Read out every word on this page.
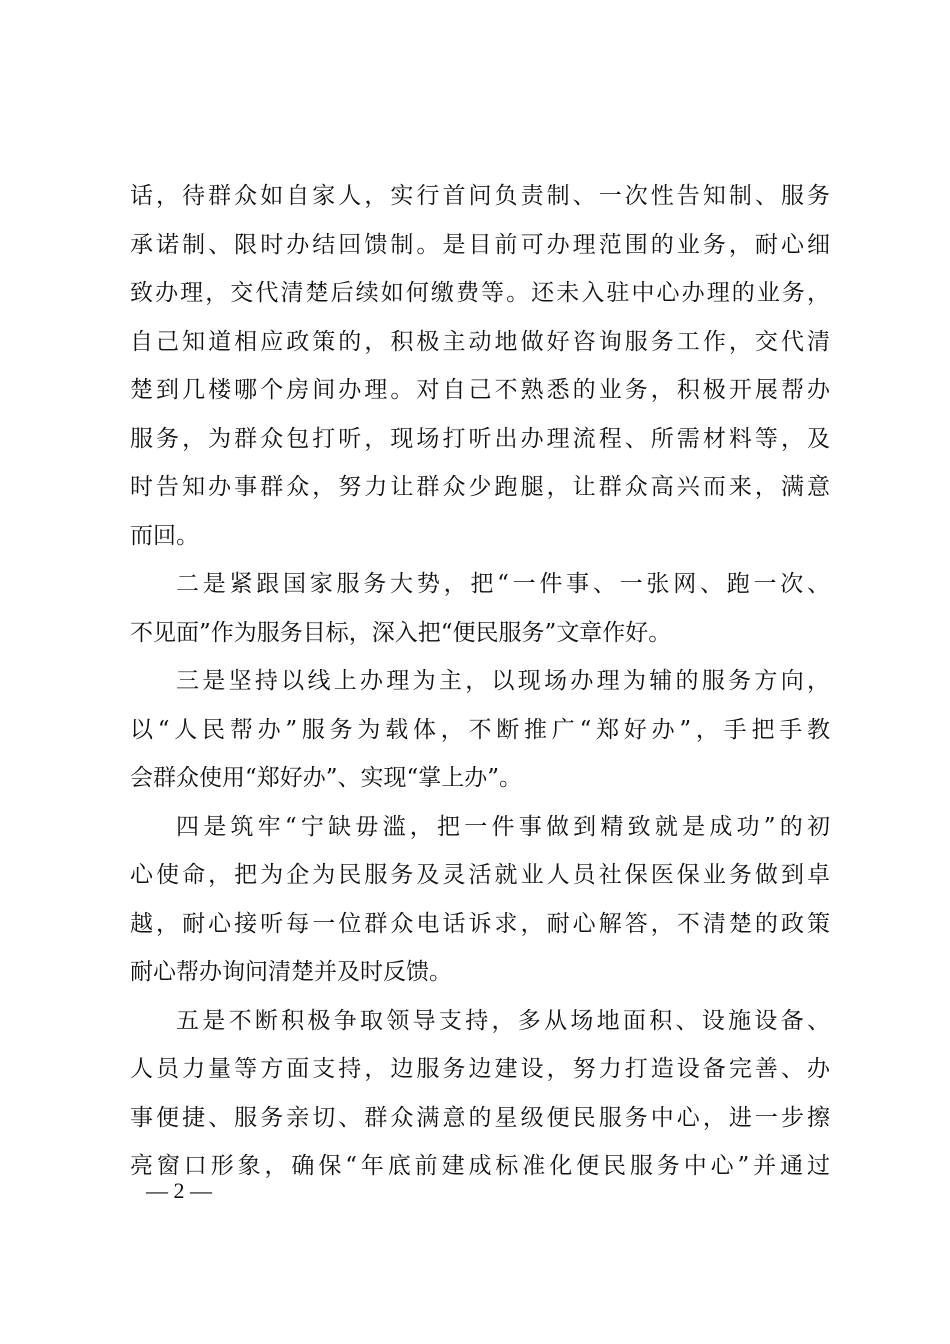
话，待群众如自家人，实行首问负责制、一次性告知制、服务
承诺制、限时办结回馈制。是目前可办理范围的业务，耐心细
致办理，交代清楚后续如何缴费等。还未入驻中心办理的业务，
自己知道相应政策的，积极主动地做好咨询服务工作，交代清
楚到几楼哪个房间办理。对自己不熟悉的业务，积极开展帮办
服务，为群众包打听，现场打听出办理流程、所需材料等，及
时告知办事群众，努力让群众少跑腿，让群众高兴而来，满意
而回。
二是紧跟国家服务大势，把“一件事、一张网、跑一次、
不见面”作为服务目标，深入把“便民服务”文章作好。
三是坚持以线上办理为主，以现场办理为辅的服务方向，
以“人民帮办”服务为载体，不断推广“郑好办”，手把手教
会群众使用“郑好办”、实现“掌上办”。
四是筑牢“宁缺毋滥，把一件事做到精致就是成功”的初
心使命，把为企为民服务及灵活就业人员社保医保业务做到卓
越，耐心接听每一位群众电话诉求，耐心解答，不清楚的政策
耐心帮办询问清楚并及时反馈。
五是不断积极争取领导支持，多从场地面积、设施设备、
人员力量等方面支持，边服务边建设，努力打造设备完善、办
事便捷、服务亲切、群众满意的星级便民服务中心，进一步擦
亮窗口形象，确保“年底前建成标准化便民服务中心”并通过
— 2 —
